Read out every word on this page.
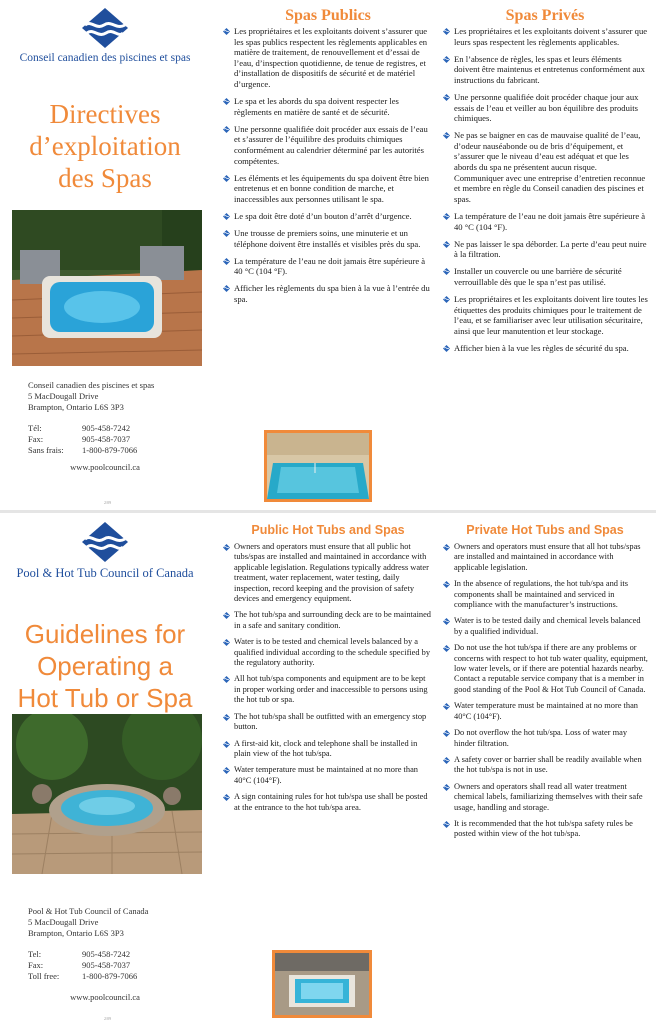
Conseil canadien des piscines et spas
Directives
d’exploitation
des Spas
Conseil canadien des piscines et spas
5 MacDougall Drive
Brampton, Ontario L6S 3P3
Tél:	905-458-7242
Fax:	905-458-7037
Sans frais:	1-800-879-7066
www.poolcouncil.ca
2/09
Spas Publics
Les propriétaires et les exploitants doivent s’assurer que les spas publics respectent les règlements applicables en matière de traitement, de renouvellement et d’essai de l’eau, d’inspection quotidienne, de tenue de registres, et d’installation de dispositifs de sécurité et de matériel d’urgence.
Le spa et les abords du spa doivent respecter les règlements en matière de santé et de sécurité.
Une personne qualifiée doit procéder aux essais de l’eau et s’assurer de l’équilibre des produits chimiques conformément au calendrier déterminé par les autorités compétentes.
Les éléments et les équipements du spa doivent être bien entretenus et en bonne condition de marche, et inaccessibles aux personnes utilisant le spa.
Le spa doit être doté d’un bouton d’arrêt d’urgence.
Une trousse de premiers soins, une minuterie et un téléphone doivent être installés et visibles près du spa.
La température de l’eau ne doit jamais être supérieure à 40 °C (104 °F).
Afficher les règlements du spa bien à la vue à l’entrée du spa.
Spas Privés
Les propriétaires et les exploitants doivent s’assurer que leurs spas respectent les règlements applicables.
En l’absence de règles, les spas et leurs éléments doivent être maintenus et entretenus conformément aux instructions du fabricant.
Une personne qualifiée doit procéder chaque jour aux essais de l’eau et veiller au bon équilibre des produits chimiques.
Ne pas se baigner en cas de mauvaise qualité de l’eau, d’odeur nauséabonde ou de bris d’équipement, et s’assurer que le niveau d’eau est adéquat et que les abords du spa ne présentent aucun risque. Communiquer avec une entreprise d’entretien reconnue et membre en règle du Conseil canadien des piscines et spas.
La température de l’eau ne doit jamais être supérieure à 40 °C (104 °F).
Ne pas laisser le spa déborder. La perte d’eau peut nuire à la filtration.
Installer un couvercle ou une barrière de sécurité verrouillable dès que le spa n’est pas utilisé.
Les propriétaires et les exploitants doivent lire toutes les étiquettes des produits chimiques pour le traitement de l’eau, et se familiariser avec leur utilisation sécuritaire, ainsi que leur manutention et leur stockage.
Afficher bien à la vue les règles de sécurité du spa.
Pool & Hot Tub Council of Canada
Guidelines for
Operating a
Hot Tub or Spa
Pool & Hot Tub Council of Canada
5 MacDougall Drive
Brampton, Ontario L6S 3P3
Tel:	905-458-7242
Fax:	905-458-7037
Toll free:	1-800-879-7066
www.poolcouncil.ca
2/09
Public Hot Tubs and Spas
Owners and operators must ensure that all public hot tubs/spas are installed and maintained in accordance with applicable legislation. Regulations typically address water treatment, water replacement, water testing, daily inspection, record keeping and the provision of safety devices and emergency equipment.
The hot tub/spa and surrounding deck are to be maintained in a safe and sanitary condition.
Water is to be tested and chemical levels balanced by a qualified individual according to the schedule specified by the regulatory authority.
All hot tub/spa components and equipment are to be kept in proper working order and inaccessible to persons using the hot tub or spa.
The hot tub/spa shall be outfitted with an emergency stop button.
A first-aid kit, clock and telephone shall be installed in plain view of the hot tub/spa.
Water temperature must be maintained at no more than 40°C (104°F).
A sign containing rules for hot tub/spa use shall be posted at the entrance to the hot tub/spa area.
Private Hot Tubs and Spas
Owners and operators must ensure that all hot tubs/spas are installed and maintained in accordance with applicable legislation.
In the absence of regulations, the hot tub/spa and its components shall be maintained and serviced in compliance with the manufacturer’s instructions.
Water is to be tested daily and chemical levels balanced by a qualified individual.
Do not use the hot tub/spa if there are any problems or concerns with respect to hot tub water quality, equipment, low water levels, or if there are potential hazards nearby. Contact a reputable service company that is a member in good standing of the Pool & Hot Tub Council of Canada.
Water temperature must be maintained at no more than 40°C (104°F).
Do not overflow the hot tub/spa. Loss of water may hinder filtration.
A safety cover or barrier shall be readily available when the hot tub/spa is not in use.
Owners and operators shall read all water treatment chemical labels, familiarizing themselves with their safe usage, handling and storage.
It is recommended that the hot tub/spa safety rules be posted within view of the hot tub/spa.
